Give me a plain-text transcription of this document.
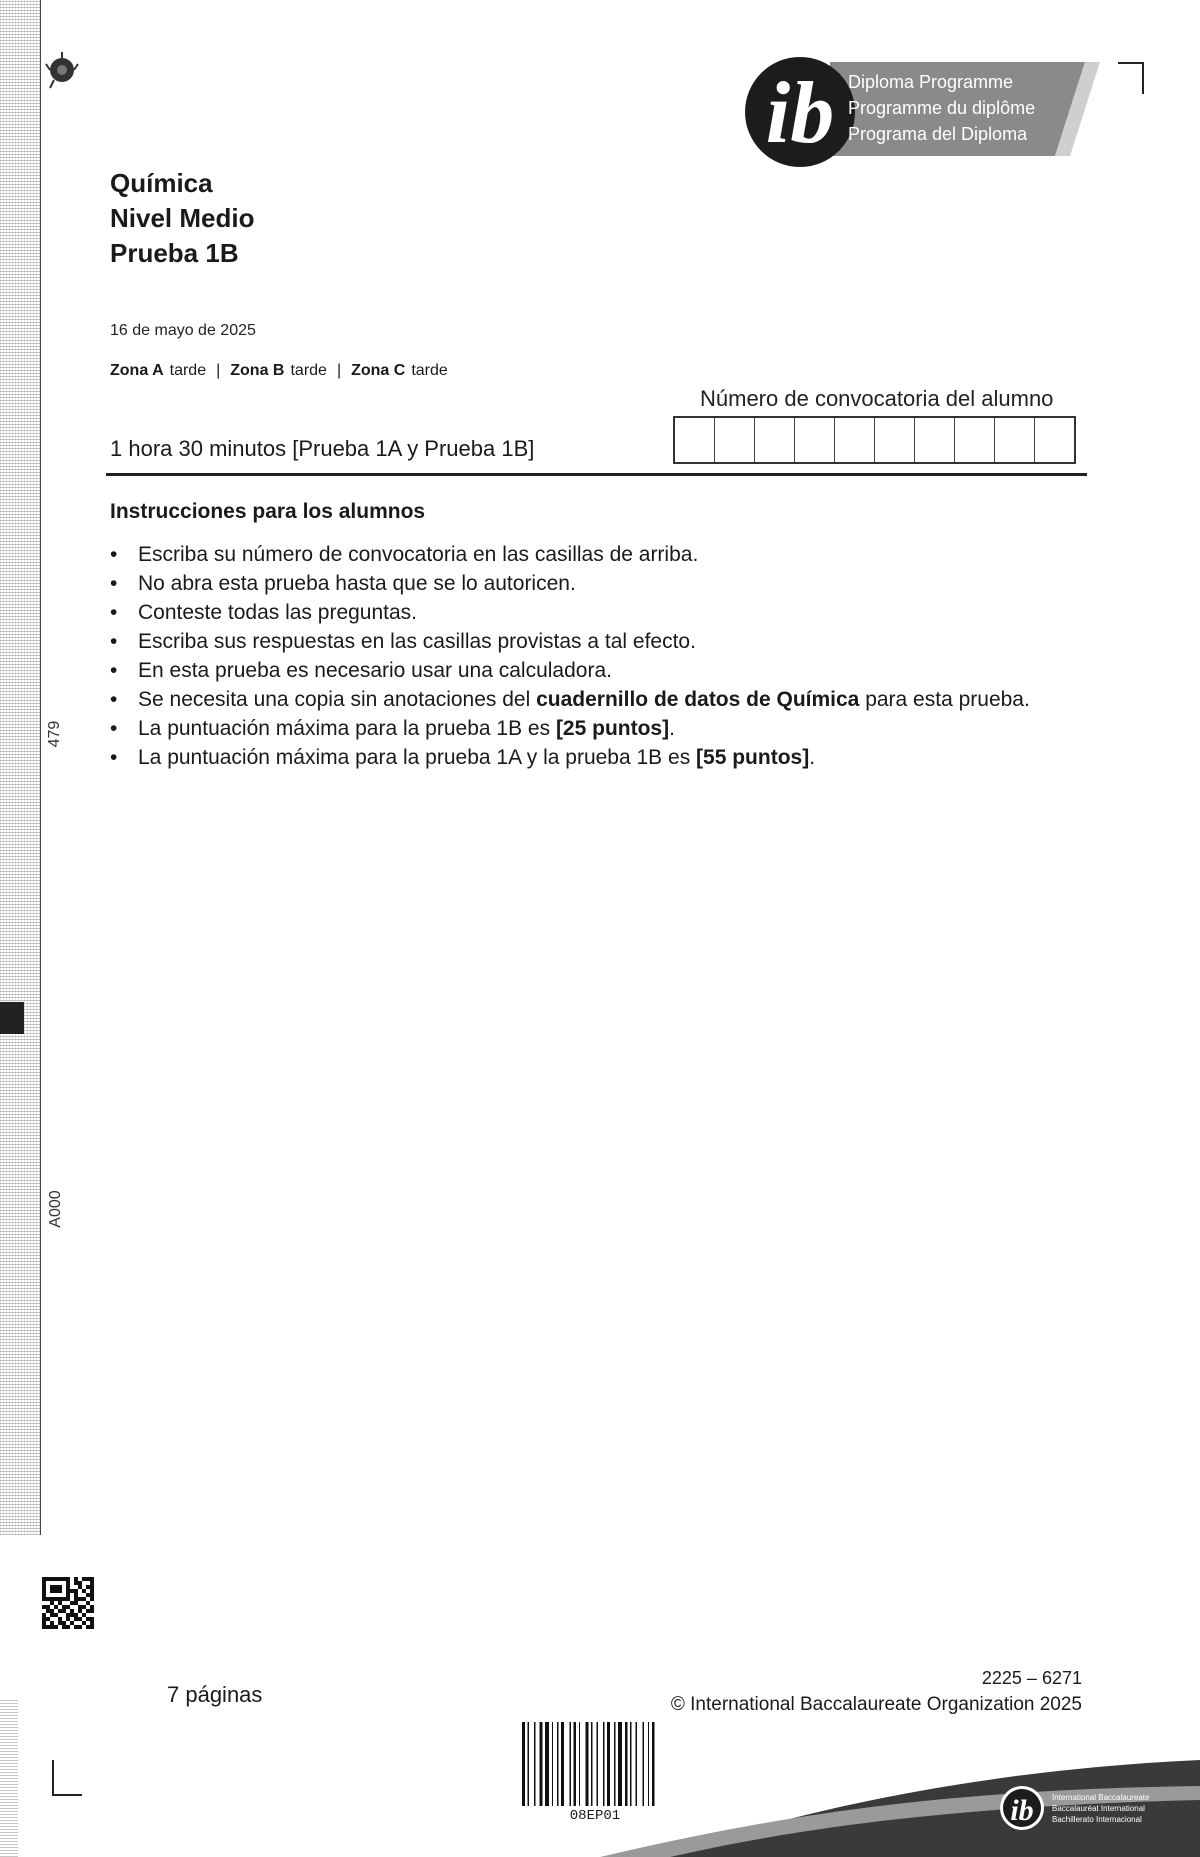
479
A000
ib Diploma Programme
Programme du diplôme
Programa del Diploma
Química
Nivel Medio
Prueba 1B
16 de mayo de 2025
Zona A tarde | Zona B tarde | Zona C tarde
Número de convocatoria del alumno
1 hora 30 minutos [Prueba 1A y Prueba 1B]
Instrucciones para los alumnos
• Escriba su número de convocatoria en las casillas de arriba.
• No abra esta prueba hasta que se lo autoricen.
• Conteste todas las preguntas.
• Escriba sus respuestas en las casillas provistas a tal efecto.
• En esta prueba es necesario usar una calculadora.
• Se necesita una copia sin anotaciones del cuadernillo de datos de Química para esta prueba.
• La puntuación máxima para la prueba 1B es [25 puntos].
• La puntuación máxima para la prueba 1A y la prueba 1B es [55 puntos].
7 páginas
2225 – 6271
© International Baccalaureate Organization 2025
08EP01	ib International Baccalaureate
Baccalauréat International
Bachillerato Internacional
